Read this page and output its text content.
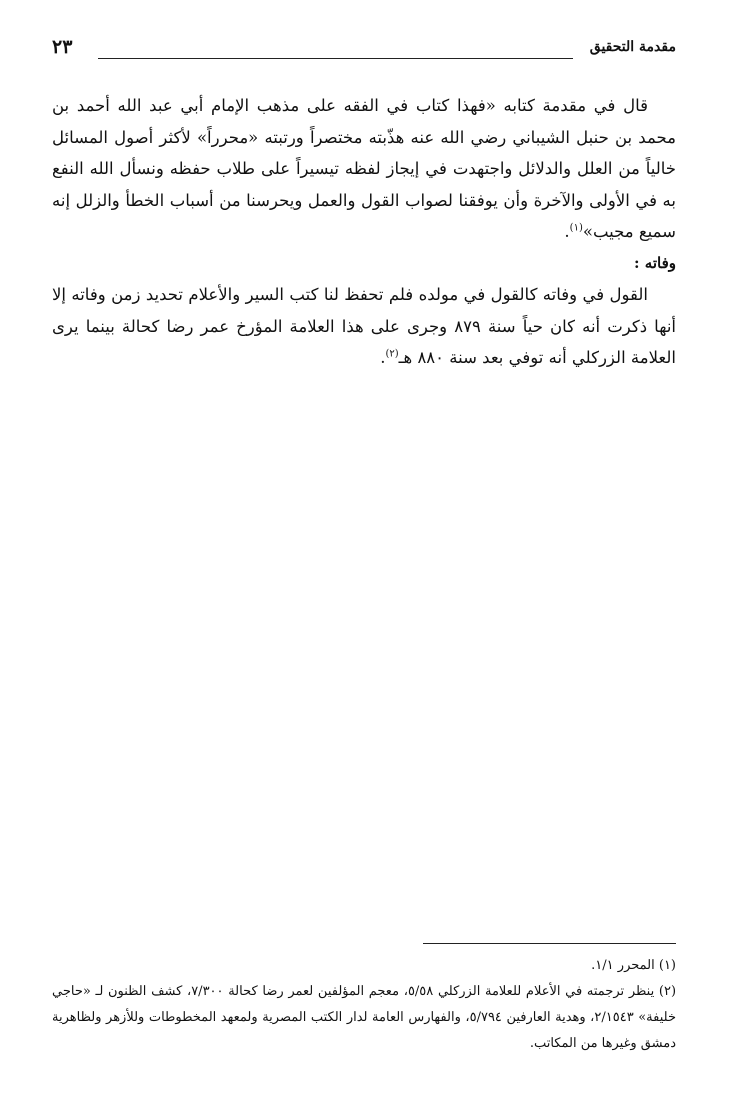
مقدمة التحقيق
٢٣

قال في مقدمة كتابه «فهذا كتاب في الفقه على مذهب الإمام أبي عبد الله أحمد بن محمد بن حنبل الشيباني رضي الله عنه هذّبته مختصراً ورتبته «محرراً» لأكثر أصول المسائل خالياً من العلل والدلائل واجتهدت في إيجاز لفظه تيسيراً على طلاب حفظه ونسأل الله النفع به في الأولى والآخرة وأن يوفقنا لصواب القول والعمل ويحرسنا من أسباب الخطأ والزلل إنه سميع مجيب»$^{(١)}$.

وفاته :

القول في وفاته كالقول في مولده فلم تحفظ لنا كتب السير والأعلام تحديد زمن وفاته إلا أنها ذكرت أنه كان حياً سنة ٨٧٩ وجرى على هذا العلامة المؤرخ عمر رضا كحالة بينما يرى العلامة الزركلي أنه توفي بعد سنة ٨٨٠ هـ$^{(٢)}$.

(١) المحرر ١/١.

(٢) ينظر ترجمته في الأعلام للعلامة الزركلي ٥/٥٨، معجم المؤلفين لعمر رضا كحالة ٧/٣٠٠، كشف الظنون لـ «حاجي خليفة» ٢/١٥٤٣، وهدية العارفين ٥/٧٩٤، والفهارس العامة لدار الكتب المصرية ولمعهد المخطوطات وللأزهر ولظاهرية دمشق وغيرها من المكاتب.
